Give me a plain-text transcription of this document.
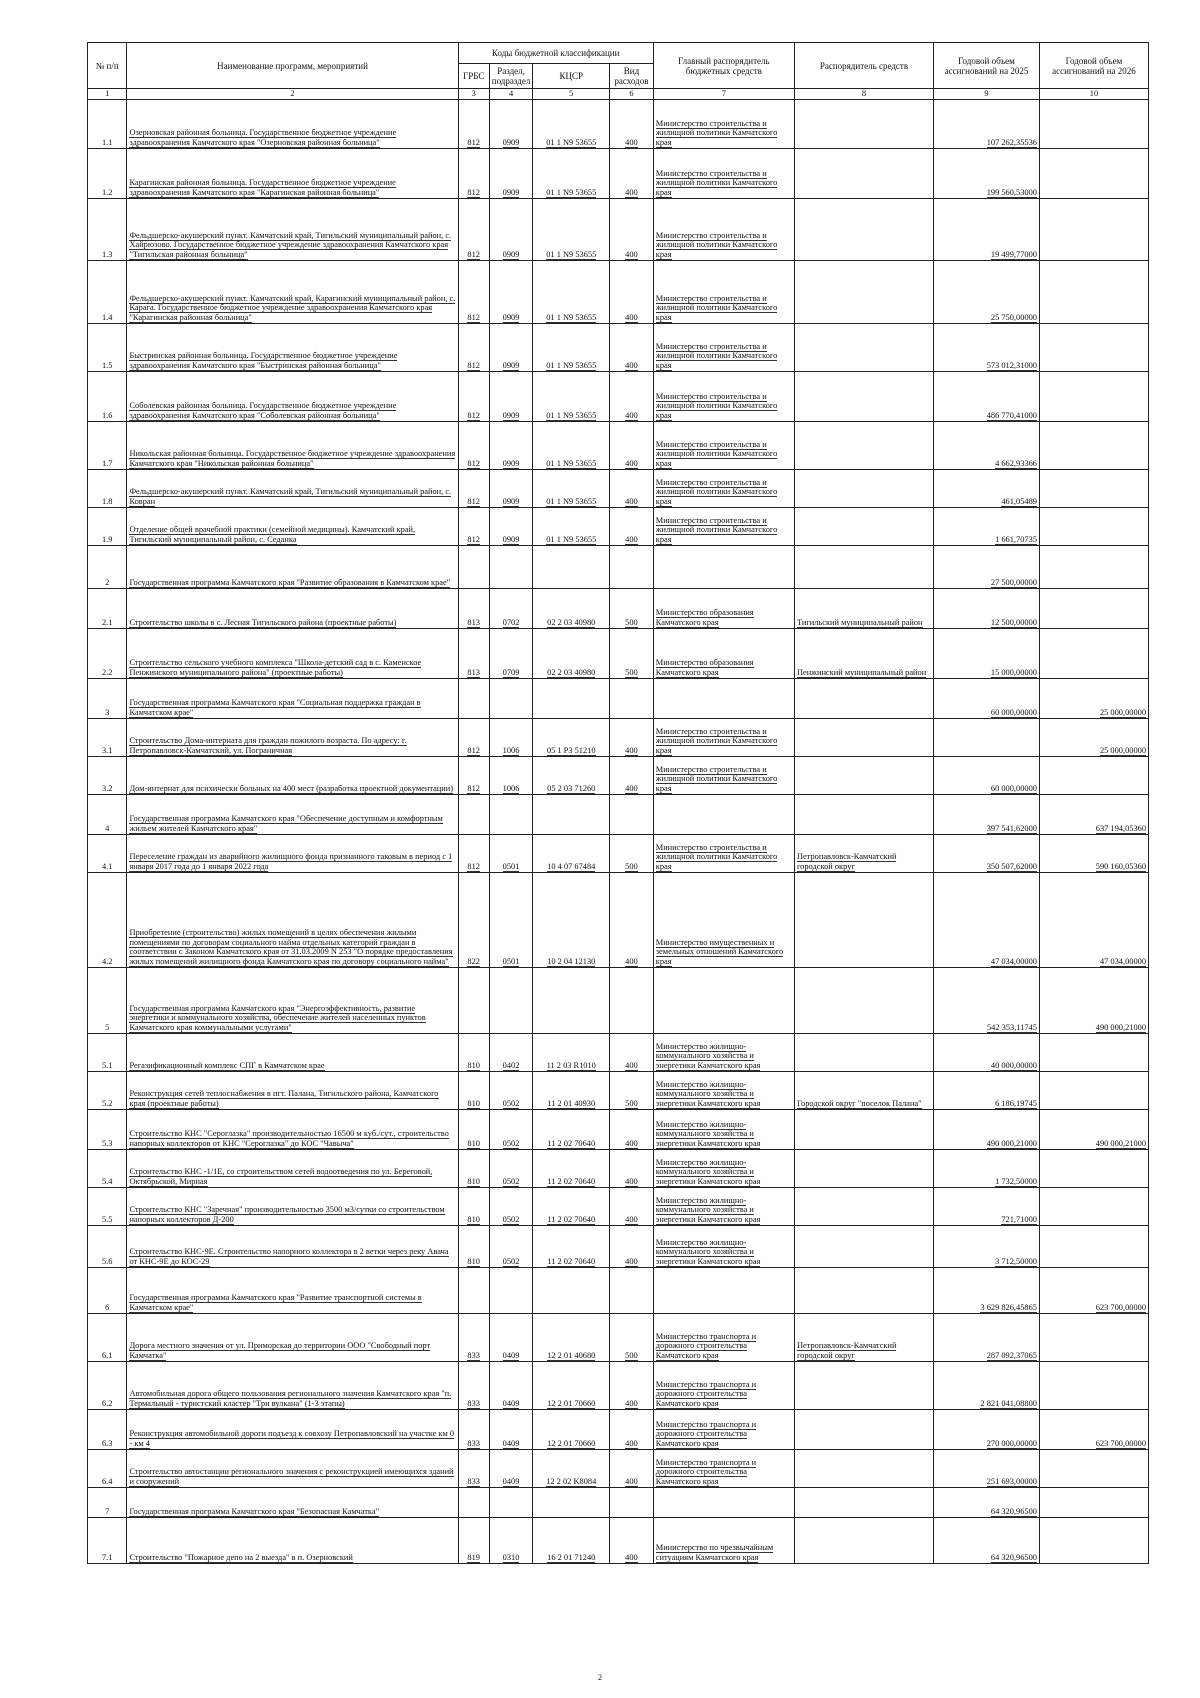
№ п/п	Наименование программ, мероприятий	Коды бюджетной классификации				Главный распорядитель бюджетных средств	Распорядитель средств	Годовой объем ассигнований на 2025	Годовой объем ассигнований на 2026
		ГРБС	Раздел, подраздел	КЦСР	Вид расходов				
1	2	3	4	5	6	7	8	9	10
1.1	Озерновская районная больница. Государственное бюджетное учреждение здравоохранения Камчатского края "Озерновская районная больница"	812	0909	01 1 N9 53655	400	Министерство строительства и жилищной политики Камчатского края		107 262,35536	
1.2	Карагинская районная больница. Государственное бюджетное учреждение здравоохранения Камчатского края "Карагинская районная больница"	812	0909	01 1 N9 53655	400	Министерство строительства и жилищной политики Камчатского края		199 560,53000	
1.3	Фельдшерско-акушерский пункт. Камчатский край, Тигильский муниципальный район, с. Хайрюзово. Государственное бюджетное учреждение здравоохранения Камчатского края "Тигильская районная больница"	812	0909	01 1 N9 53655	400	Министерство строительства и жилищной политики Камчатского края		19 499,77000	
1.4	Фельдшерско-акушерский пункт. Камчатский край, Карагинский муниципальный район, с. Карага. Государственное бюджетное учреждение здравоохранения Камчатского края "Карагинская районная больница"	812	0909	01 1 N9 53655	400	Министерство строительства и жилищной политики Камчатского края		25 750,00000	
1.5	Быстринская районная больница. Государственное бюджетное учреждение здравоохранения Камчатского края "Быстринская районная больница"	812	0909	01 1 N9 53655	400	Министерство строительства и жилищной политики Камчатского края		573 012,31000	
1.6	Соболевская районная больница. Государственное бюджетное учреждение здравоохранения Камчатского края "Соболевская районная больница"	812	0909	01 1 N9 53655	400	Министерство строительства и жилищной политики Камчатского края		486 770,41000	
1.7	Никольская районная больница. Государственное бюджетное учреждение здравоохранения Камчатского края "Никольская районная больница"	812	0909	01 1 N9 53655	400	Министерство строительства и жилищной политики Камчатского края		4 662,93366	
1.8	Фельдшерско-акушерский пункт. Камчатский край, Тигильский муниципальный район, с. Ковран	812	0909	01 1 N9 53655	400	Министерство строительства и жилищной политики Камчатского края		461,05489	
1.9	Отделение общей врачебной практики (семейной медицины). Камчатский край, Тигильский муниципальный район, с. Седанка	812	0909	01 1 N9 53655	400	Министерство строительства и жилищной политики Камчатского края		1 661,70735	
2	Государственная программа Камчатского края "Развитие образования в Камчатском крае"							27 500,00000	
2.1	Строительство школы в с. Лесная Тигильского района (проектные работы)	813	0702	02 2 03 40980	500	Министерство образования Камчатского края	Тигильский муниципальный район	12 500,00000	
2.2	Строительство сельского учебного комплекса "Школа-детский сад в с. Каменское Пенжинского муниципального района" (проектные работы)	813	0709	02 2 03 40980	500	Министерство образования Камчатского края	Пенжинский муниципальный район	15 000,00000	
3	Государственная программа Камчатского края "Социальная поддержка граждан в Камчатском крае"							60 000,00000	25 000,00000
3.1	Строительство Дома-интерната для граждан пожилого возраста. По адресу: г. Петропавловск-Камчатский, ул. Пограничная	812	1006	05 1 P3 51210	400	Министерство строительства и жилищной политики Камчатского края			25 000,00000
3.2	Дом-интернат для психически больных на 400 мест (разработка проектной документации)	812	1006	05 2 03 71260	400	Министерство строительства и жилищной политики Камчатского края		60 000,00000	
4	Государственная программа Камчатского края "Обеспечение доступным и комфортным жильем жителей Камчатского края"							397 541,62000	637 194,05360
4.1	Переселение граждан из аварийного жилищного фонда признанного таковым в период с 1 января 2017 года до 1 января 2022 года	812	0501	10 4 07 67484	500	Министерство строительства и жилищной политики Камчатского края	Петропавловск-Камчатский городской округ	350 507,62000	590 160,05360
4.2	Приобретение (строительство) жилых помещений в целях обеспечения жилыми помещениями по договорам социального найма отдельных категорий граждан в соответствии с Законом Камчатского края от 31.03.2009 N 253 "О порядке предоставления жилых помещений жилищного фонда Камчатского края по договору социального найма"	822	0501	10 2 04 12130	400	Министерство имущественных и земельных отношений Камчатского края		47 034,00000	47 034,00000
5	Государственная программа Камчатского края "Энергоэффективность, развитие энергетики и коммунального хозяйства, обеспечение жителей населенных пунктов Камчатского края коммунальными услугами"							542 353,11745	490 000,21000
5.1	Регазификационный комплекс СПГ в Камчатском крае	810	0402	11 2 03 R1010	400	Министерство жилищно-коммунального хозяйства и энергетики Камчатского края		40 000,00000	
5.2	Реконструкция сетей теплоснабжения в пгт. Палана, Тигильского района, Камчатского края (проектные работы)	810	0502	11 2 01 40930	500	Министерство жилищно-коммунального хозяйства и энергетики Камчатского края	Городской округ "поселок Палана"	6 186,19745	
5.3	Строительство КНС "Сероглазка" производительностью 16500 м куб./сут., строительство напорных коллекторов от КНС "Сероглазка" до КОС "Чавыча"	810	0502	11 2 02 70640	400	Министерство жилищно-коммунального хозяйства и энергетики Камчатского края		490 000,21000	490 000,21000
5.4	Строительство КНС -1/1Е, со строительством сетей водоотведения по ул. Береговой, Октябрьской, Мирная	810	0502	11 2 02 70640	400	Министерство жилищно-коммунального хозяйства и энергетики Камчатского края		1 732,50000	
5.5	Строительство КНС "Заречная" производительностью 3500 м3/сутки со строительством напорных коллекторов Д-200	810	0502	11 2 02 70640	400	Министерство жилищно-коммунального хозяйства и энергетики Камчатского края		721,71000	
5.6	Строительство КНС-9Е. Строительство напорного коллектора в 2 ветки через реку Авача от КНС-9Е до КОС-29	810	0502	11 2 02 70640	400	Министерство жилищно-коммунального хозяйства и энергетики Камчатского края		3 712,50000	
6	Государственная программа Камчатского края "Развитие транспортной системы в Камчатском крае"							3 629 826,45865	623 700,00000
6.1	Дорога местного значения от ул. Приморская до территории ООО "Свободный порт Камчатка"	833	0409	12 2 01 40680	500	Министерство транспорта и дорожного строительства Камчатского края	Петропавловск-Камчатский городской округ	287 092,37065	
6.2	Автомобильная дорога общего пользования регионального значения Камчатского края "п. Термальный - туристский кластер "Три вулкана" (1-3 этапы)	833	0409	12 2 01 70660	400	Министерство транспорта и дорожного строительства Камчатского края		2 821 041,08800	
6.3	Реконструкция автомобильной дороги подъезд к совхозу Петропавловский на участке км 0 - км 4	833	0409	12 2 01 70660	400	Министерство транспорта и дорожного строительства Камчатского края		270 000,00000	623 700,00000
6.4	Строительство автостанции регионального значения с реконструкцией имеющихся зданий и сооружений	833	0409	12 2 02 K8084	400	Министерство транспорта и дорожного строительства Камчатского края		251 693,00000	
7	Государственная программа Камчатского края "Безопасная Камчатка"							64 320,96500	
7.1	Строительство "Пожарное депо на 2 выезда" в п. Озерновский	819	0310	16 2 01 71240	400	Министерство по чрезвычайным ситуациям Камчатского края		64 320,96500	
2
